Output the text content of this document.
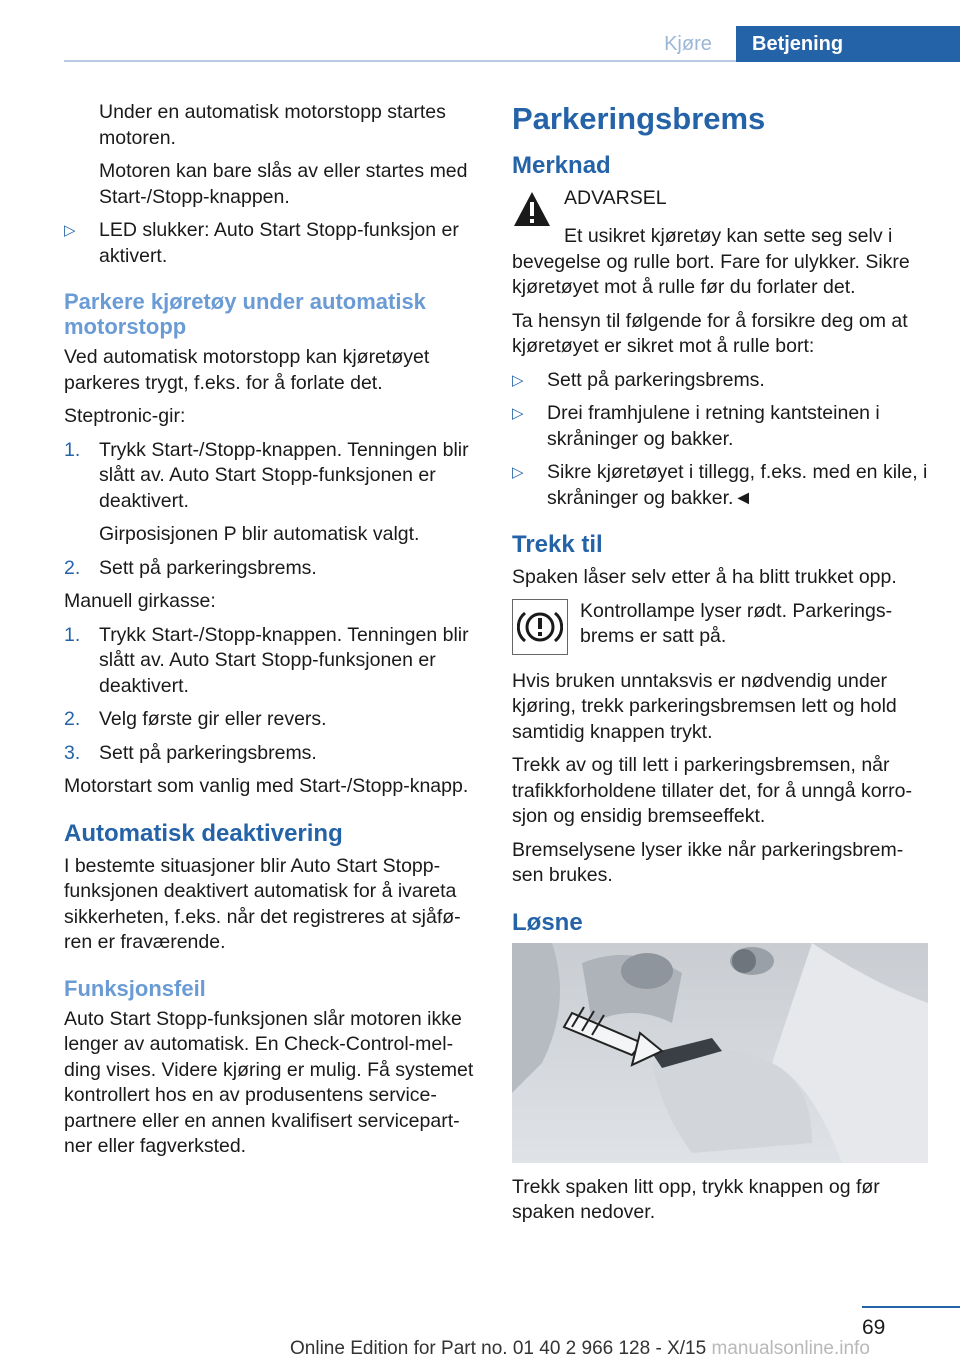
Kjøre	Betjening

Under en automatisk motorstopp startes motoren.

Motoren kan bare slås av eller startes med Start-/Stopp-knappen.

▷ LED slukker: Auto Start Stopp-funksjon er aktivert.
Parkere kjøretøy under automatisk motorstopp

Ved automatisk motorstopp kan kjøretøyet parkeres trygt, f.eks. for å forlate det.

Steptronic-gir:

1. Trykk Start-/Stopp-knappen. Tenningen blir slått av. Auto Start Stopp-funksjonen er deaktivert.

Girposisjonen P blir automatisk valgt.

2. Sett på parkeringsbrems.

Manuell girkasse:

1. Trykk Start-/Stopp-knappen. Tenningen blir slått av. Auto Start Stopp-funksjonen er deaktivert.
2. Velg første gir eller revers.
3. Sett på parkeringsbrems.

Motorstart som vanlig med Start-/Stopp-knapp.

Automatisk deaktivering

I bestemte situasjoner blir Auto Start Stopp-funksjonen deaktivert automatisk for å ivareta sikkerheten, f.eks. når det registreres at sjåfø-ren er fraværende.

Funksjonsfeil

Auto Start Stopp-funksjonen slår motoren ikke lenger av automatisk. En Check-Control-mel-ding vises. Videre kjøring er mulig. Få systemet kontrollert hos en av produsentens service-partnere eller en annen kvalifisert servicepart-ner eller fagverksted.

Parkeringsbrems
Merknad

ADVARSEL

Et usikret kjøretøy kan sette seg selv i bevegelse og rulle bort. Fare for ulykker. Sikre kjøretøyet mot å rulle før du forlater det.

Ta hensyn til følgende for å forsikre deg om at kjøretøyet er sikret mot å rulle bort:

▷ Sett på parkeringsbrems.
▷ Drei framhjulene i retning kantsteinen i skråninger og bakker.
▷ Sikre kjøretøyet i tillegg, f.eks. med en kile, i skråninger og bakker.◄
Trekk til

Spaken låser selv etter å ha blitt trukket opp.

Kontrollampe lyser rødt. Parkerings-brems er satt på.

Hvis bruken unntaksvis er nødvendig under kjøring, trekk parkeringsbremsen lett og hold samtidig knappen trykt.

Trekk av og till lett i parkeringsbremsen, når trafikkforholdene tillater det, for å unngå korro-sjon og ensidig bremseeffekt.

Bremselysene lyser ikke når parkeringsbrem-sen brukes.

Løsne

Trekk spaken litt opp, trykk knappen og før spaken nedover.

69
Online Edition for Part no. 01 40 2 966 128 - X/15 manualsonline.info
